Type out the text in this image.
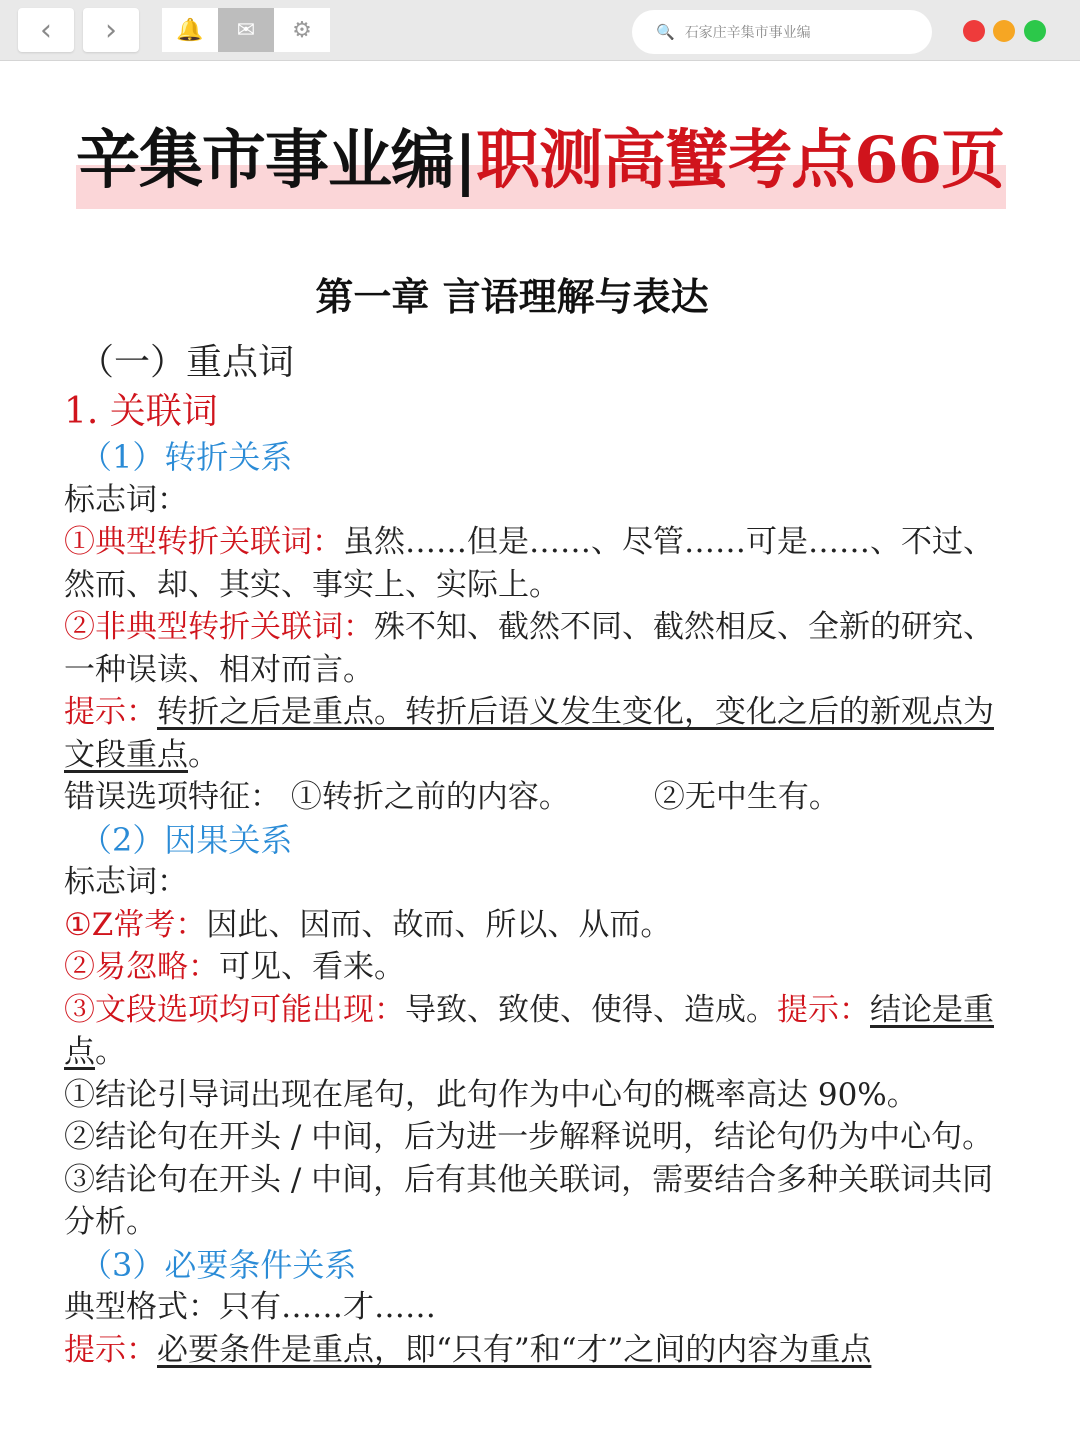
‹ ›	🔔 ✉ ⚙	🔍 石家庄辛集市事业编
辛集市事业编|职测高蠥考点66页
第一章 言语理解与表达

（一）重点词

1. 关联词

（1）转折关系

标志词：

①典型转折关联词：虽然……但是……、尽管……可是……、不过、然而、却、其实、事实上、实际上。

②非典型转折关联词：殊不知、截然不同、截然相反、全新的研究、一种误读、相对而言。

提示：转折之后是重点。转折后语义发生变化，变化之后的新观点为文段重点。

错误选项特征： ①转折之前的内容。	②无中生有。

（2）因果关系

标志词：

①Z常考：因此、因而、故而、所以、从而。

②易忽略：可见、看来。

③文段选项均可能出现：导致、致使、使得、造成。提示：结论是重点。

①结论引导词出现在尾句，此句作为中心句的概率高达 90%。

②结论句在开头 / 中间，后为进一步解释说明，结论句仍为中心句。

③结论句在开头 / 中间，后有其他关联词，需要结合多种关联词共同分析。

（3）必要条件关系

典型格式：只有……才……

提示：必要条件是重点，即“只有”和“才”之间的内容为重点
